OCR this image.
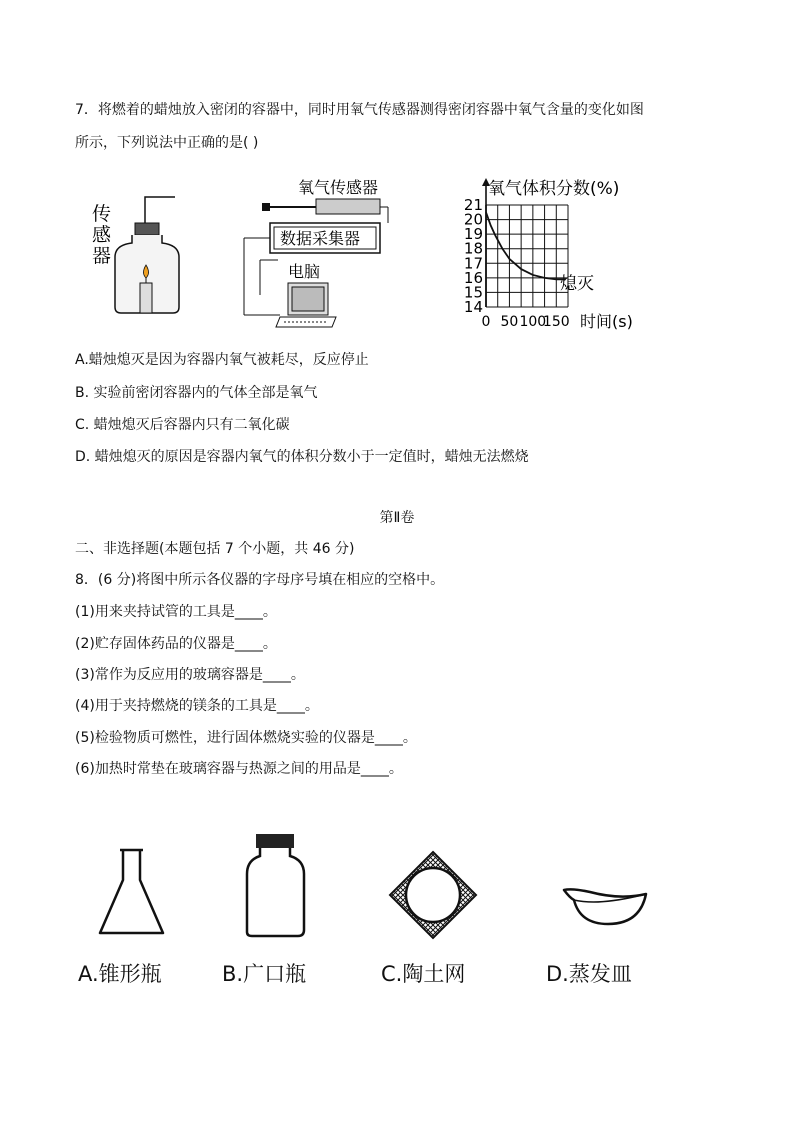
7．将燃着的蜡烛放入密闭的容器中，同时用氧气传感器测得密闭容器中氧气含量的变化如图
所示，下列说法中正确的是( )
传
感
器
氧气传感器
数据采集器
电脑
氧气体积分数(%)
时间(s)
熄灭
21
20
19
18
17
16
15
14
0 50 100
150
A.蜡烛熄灭是因为容器内氧气被耗尽，反应停止
B. 实验前密闭容器内的气体全部是氧气
C. 蜡烛熄灭后容器内只有二氧化碳
D. 蜡烛熄灭的原因是容器内氧气的体积分数小于一定值时，蜡烛无法燃烧
第Ⅱ卷
二、非选择题(本题包括 7 个小题，共 46 分)
8．(6 分)将图中所示各仪器的字母序号填在相应的空格中。
(1)用来夹持试管的工具是____。
(2)贮存固体药品的仪器是____。
(3)常作为反应用的玻璃容器是____。
(4)用于夹持燃烧的镁条的工具是____。
(5)检验物质可燃性，进行固体燃烧实验的仪器是____。
(6)加热时常垫在玻璃容器与热源之间的用品是____。
A.锥形瓶	B.广口瓶	C.陶土网	D.蒸发皿
